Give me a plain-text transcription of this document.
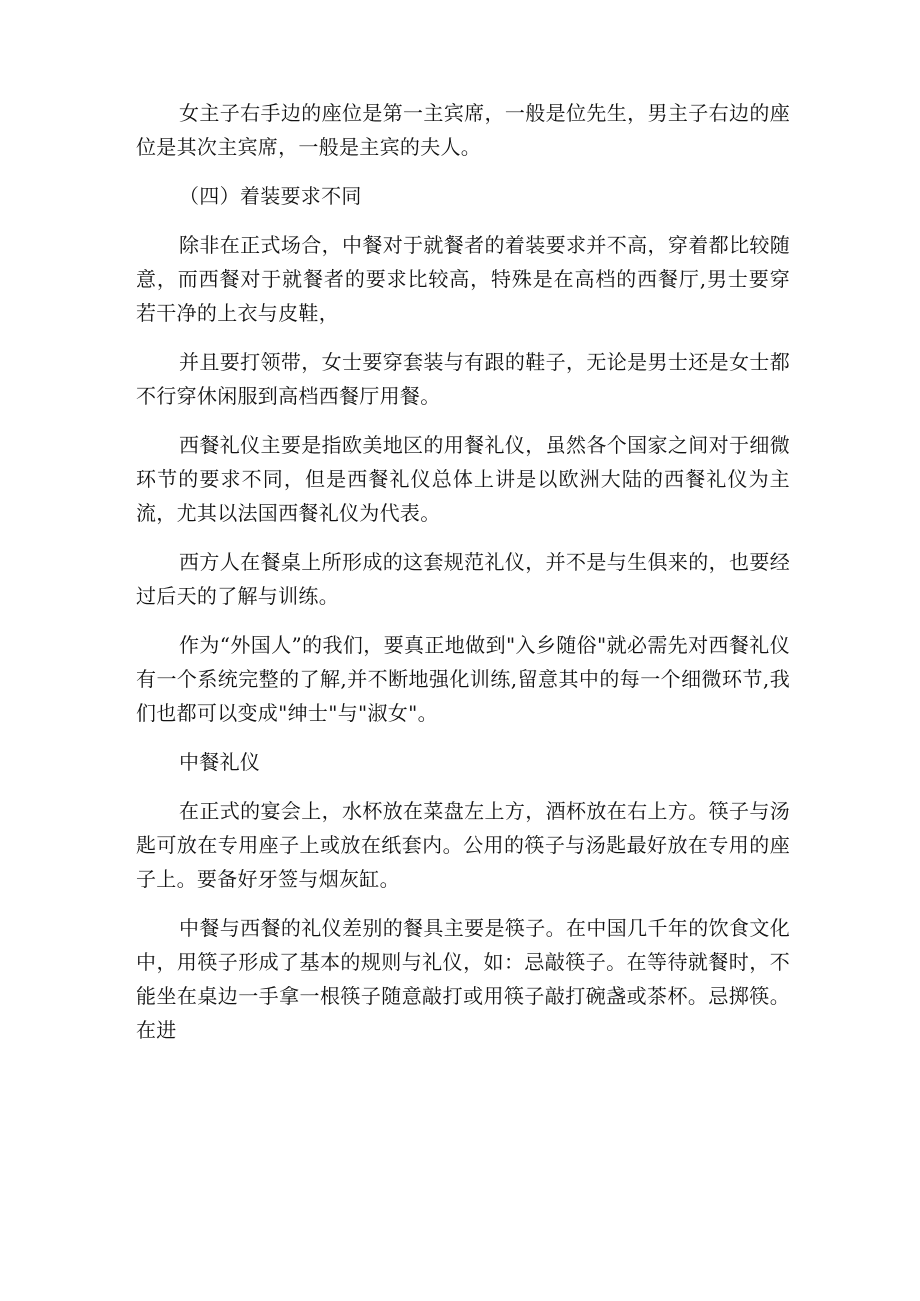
女主子右手边的座位是第一主宾席，一般是位先生，男主子右边的座位是其次主宾席，一般是主宾的夫人。

（四）着装要求不同

除非在正式场合，中餐对于就餐者的着装要求并不高，穿着都比较随意，而西餐对于就餐者的要求比较高，特殊是在高档的西餐厅,男士要穿若干净的上衣与皮鞋，

并且要打领带，女士要穿套装与有跟的鞋子，无论是男士还是女士都不行穿休闲服到高档西餐厅用餐。

西餐礼仪主要是指欧美地区的用餐礼仪，虽然各个国家之间对于细微环节的要求不同，但是西餐礼仪总体上讲是以欧洲大陆的西餐礼仪为主流，尤其以法国西餐礼仪为代表。

西方人在餐桌上所形成的这套规范礼仪，并不是与生俱来的，也要经过后天的了解与训练。

作为“外国人”的我们，要真正地做到"入乡随俗"就必需先对西餐礼仪有一个系统完整的了解,并不断地强化训练,留意其中的每一个细微环节,我们也都可以变成"绅士"与"淑女"。

中餐礼仪

在正式的宴会上，水杯放在菜盘左上方，酒杯放在右上方。筷子与汤匙可放在专用座子上或放在纸套内。公用的筷子与汤匙最好放在专用的座子上。要备好牙签与烟灰缸。

中餐与西餐的礼仪差别的餐具主要是筷子。在中国几千年的饮食文化中，用筷子形成了基本的规则与礼仪，如：忌敲筷子。在等待就餐时，不能坐在桌边一手拿一根筷子随意敲打或用筷子敲打碗盏或茶杯。忌掷筷。在进
